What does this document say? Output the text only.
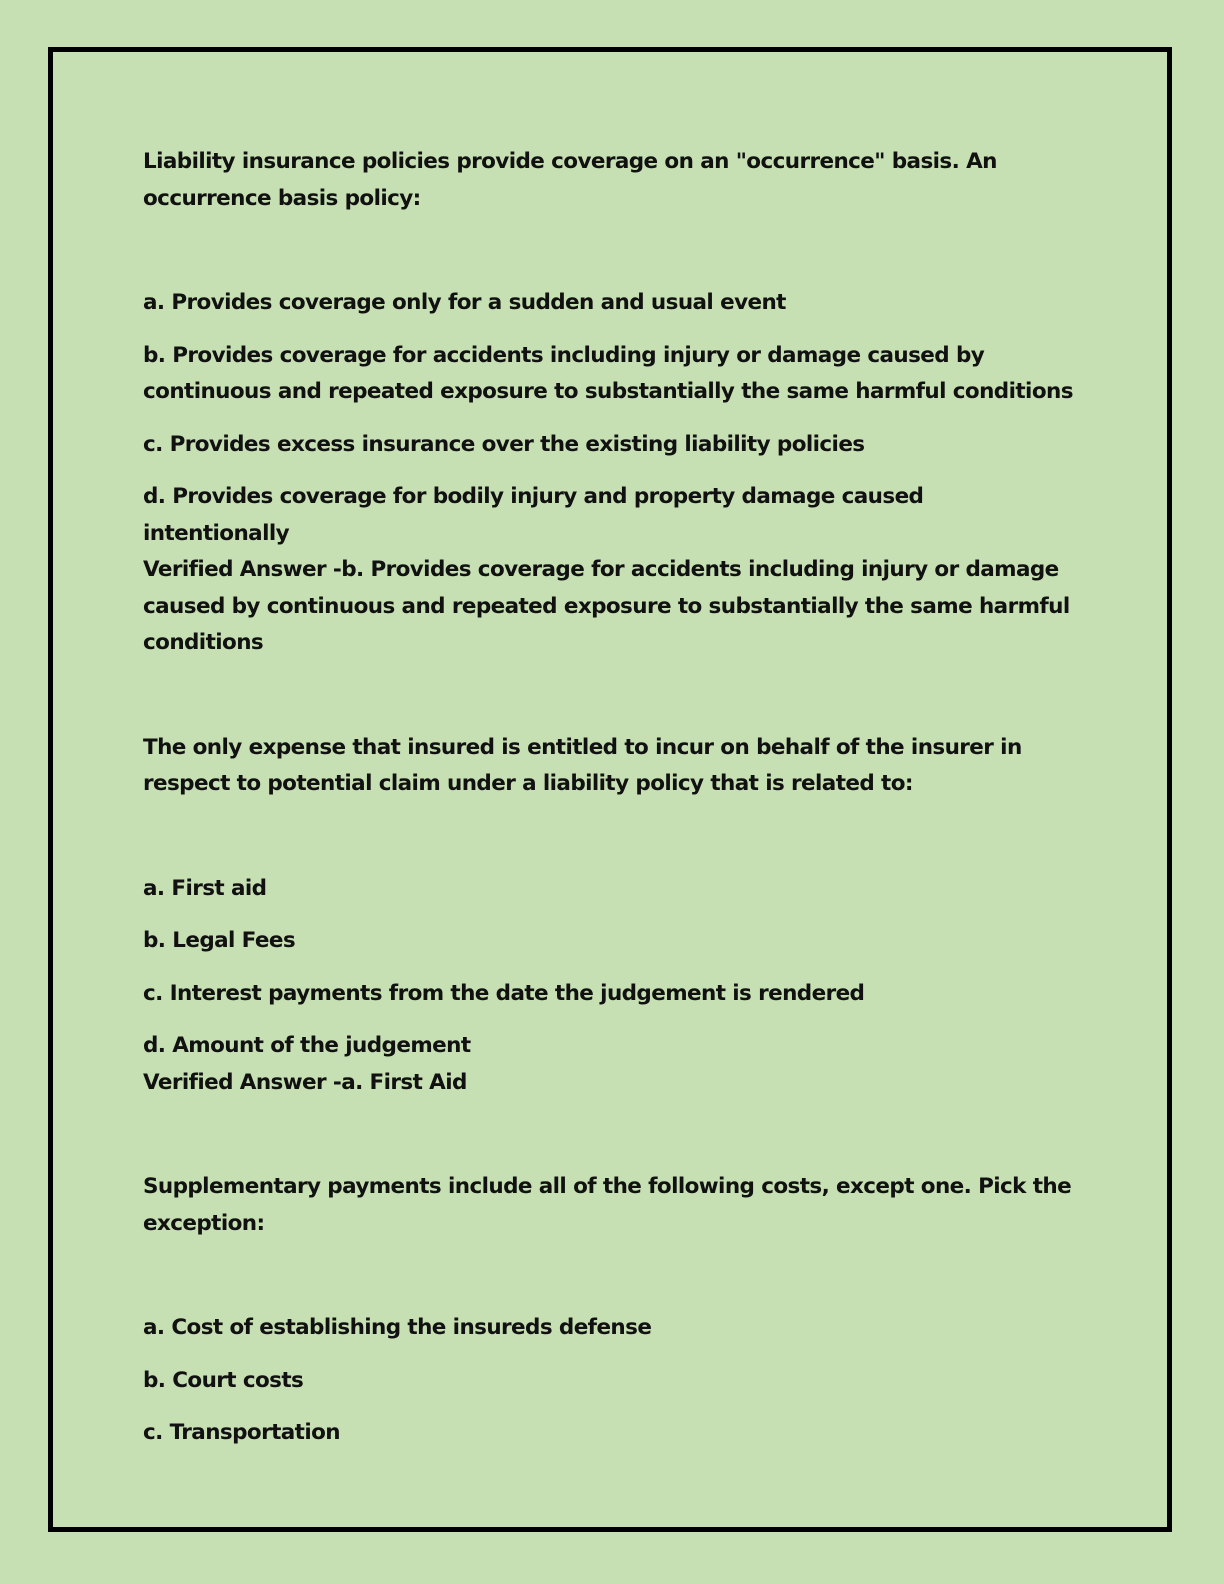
Liability insurance policies provide coverage on an "occurrence" basis. An occurrence basis policy:

a. Provides coverage only for a sudden and usual event

b. Provides coverage for accidents including injury or damage caused by continuous and repeated exposure to substantially the same harmful conditions

c. Provides excess insurance over the existing liability policies

d. Provides coverage for bodily injury and property damage caused intentionally

Verified Answer -b. Provides coverage for accidents including injury or damage caused by continuous and repeated exposure to substantially the same harmful conditions

The only expense that insured is entitled to incur on behalf of the insurer in respect to potential claim under a liability policy that is related to:

a. First aid

b. Legal Fees

c. Interest payments from the date the judgement is rendered

d. Amount of the judgement

Verified Answer -a. First Aid

Supplementary payments include all of the following costs, except one. Pick the exception:

a. Cost of establishing the insureds defense

b. Court costs

c. Transportation
